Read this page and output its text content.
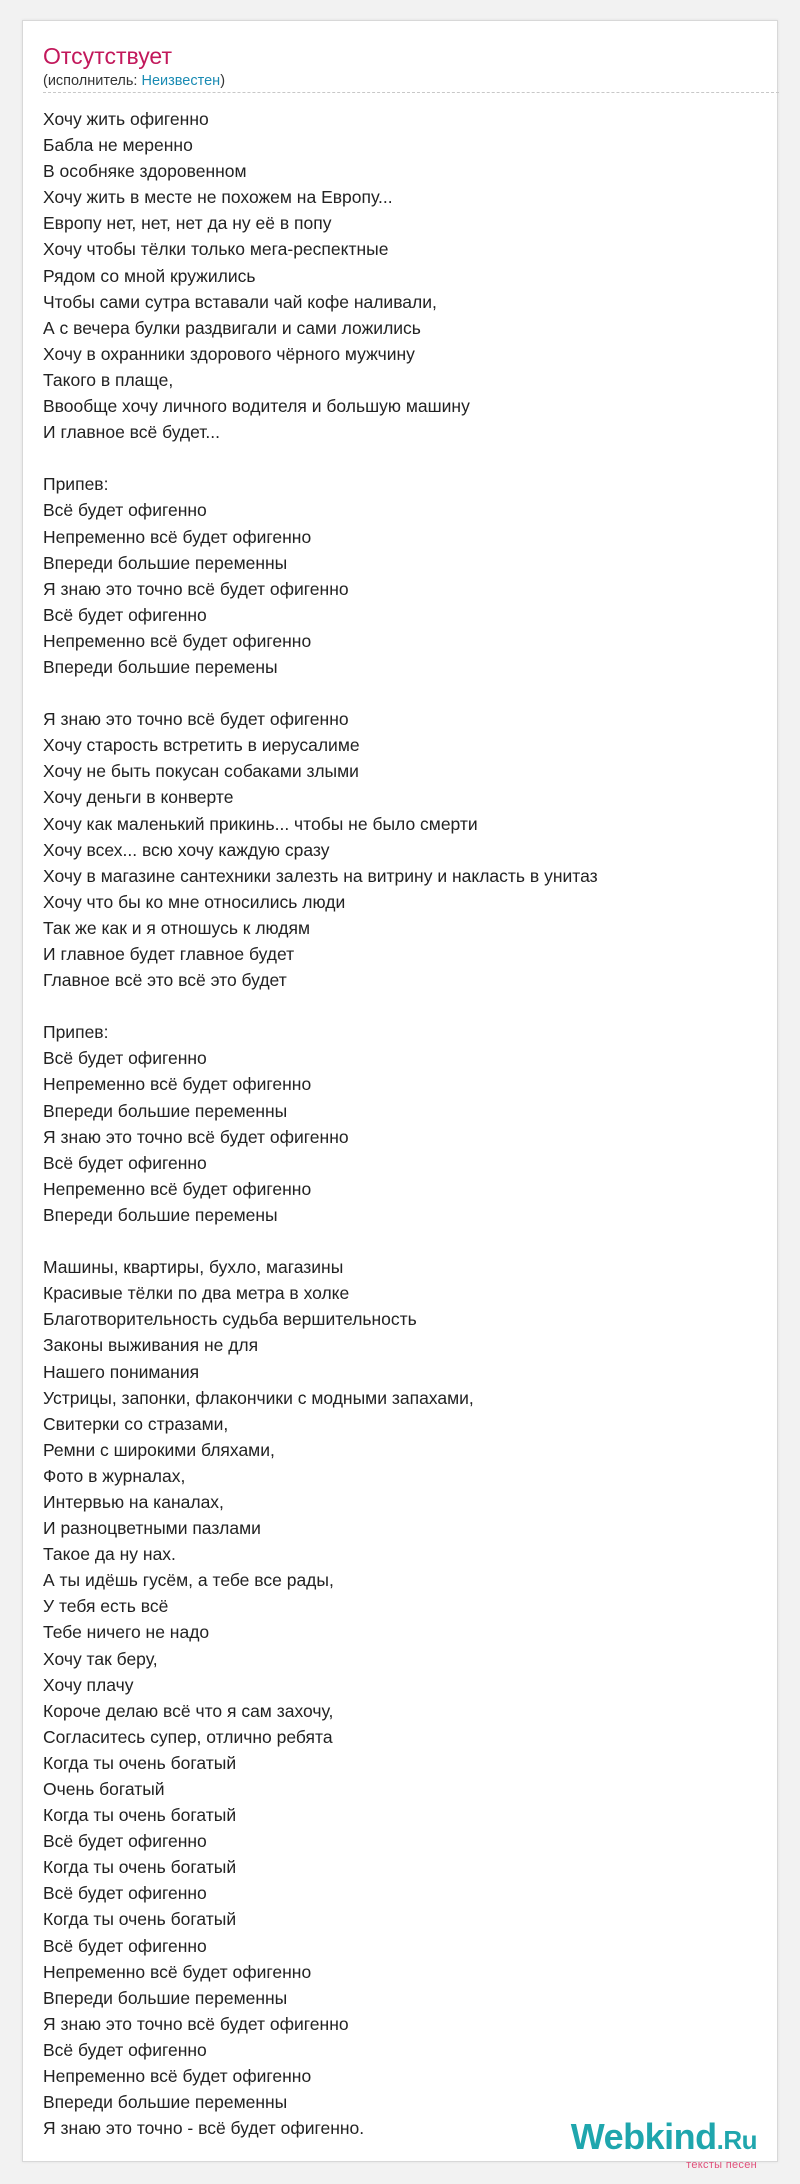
Отсутствует
(исполнитель: Неизвестен)
Хочу жить офигенно
Бабла не меренно
В особняке здоровенном
Хочу жить в месте не похожем на Европу...
Европу нет, нет, нет да ну её в попу
Хочу чтобы тёлки только мега-респектные
Рядом со мной кружились
Чтобы сами сутра вставали чай кофе наливали,
А с вечера булки раздвигали и сами ложились
Хочу в охранники здорового чёрного мужчину
Такого в плаще,
Ввообще хочу личного водителя и большую машину
И главное всё будет...

Припев:
Всё будет офигенно
Непременно всё будет офигенно
Впереди большие переменны
Я знаю это точно всё будет офигенно
Всё будет офигенно
Непременно всё будет офигенно
Впереди большие перемены

Я знаю это точно всё будет офигенно
Хочу старость встретить в иерусалиме
Хочу не быть покусан собаками злыми
Хочу деньги в конверте
Хочу как маленький прикинь... чтобы не было смерти
Хочу всех... всю хочу каждую сразу
Хочу в магазине сантехники залезть на витрину и накласть в унитаз
Хочу что бы ко мне относились люди
Так же как и я отношусь к людям
И главное будет главное будет
Главное всё это всё это будет

Припев:
Всё будет офигенно
Непременно всё будет офигенно
Впереди большие переменны
Я знаю это точно всё будет офигенно
Всё будет офигенно
Непременно всё будет офигенно
Впереди большие перемены

Машины, квартиры, бухло, магазины
Красивые тёлки по два метра в холке
Благотворительность судьба вершительность
Законы выживания не для
Нашего понимания
Устрицы, запонки, флакончики с модными запахами,
Свитерки со стразами,
Ремни с широкими бляхами,
Фото в журналах,
Интервью на каналах,
И разноцветными пазлами
Такое да ну нах.
А ты идёшь гусём, а тебе все рады,
У тебя есть всё
Тебе ничего не надо
Хочу так беру,
Хочу плачу
Короче делаю всё что я сам захочу,
Согласитесь супер, отлично ребята
Когда ты очень богатый
Очень богатый
Когда ты очень богатый
Всё будет офигенно
Когда ты очень богатый
Всё будет офигенно
Когда ты очень богатый
Всё будет офигенно
Непременно всё будет офигенно
Впереди большие переменны
Я знаю это точно всё будет офигенно
Всё будет офигенно
Непременно всё будет офигенно
Впереди большие переменны
Я знаю это точно - всё будет офигенно.	Webkind.Ru
тексты песен
